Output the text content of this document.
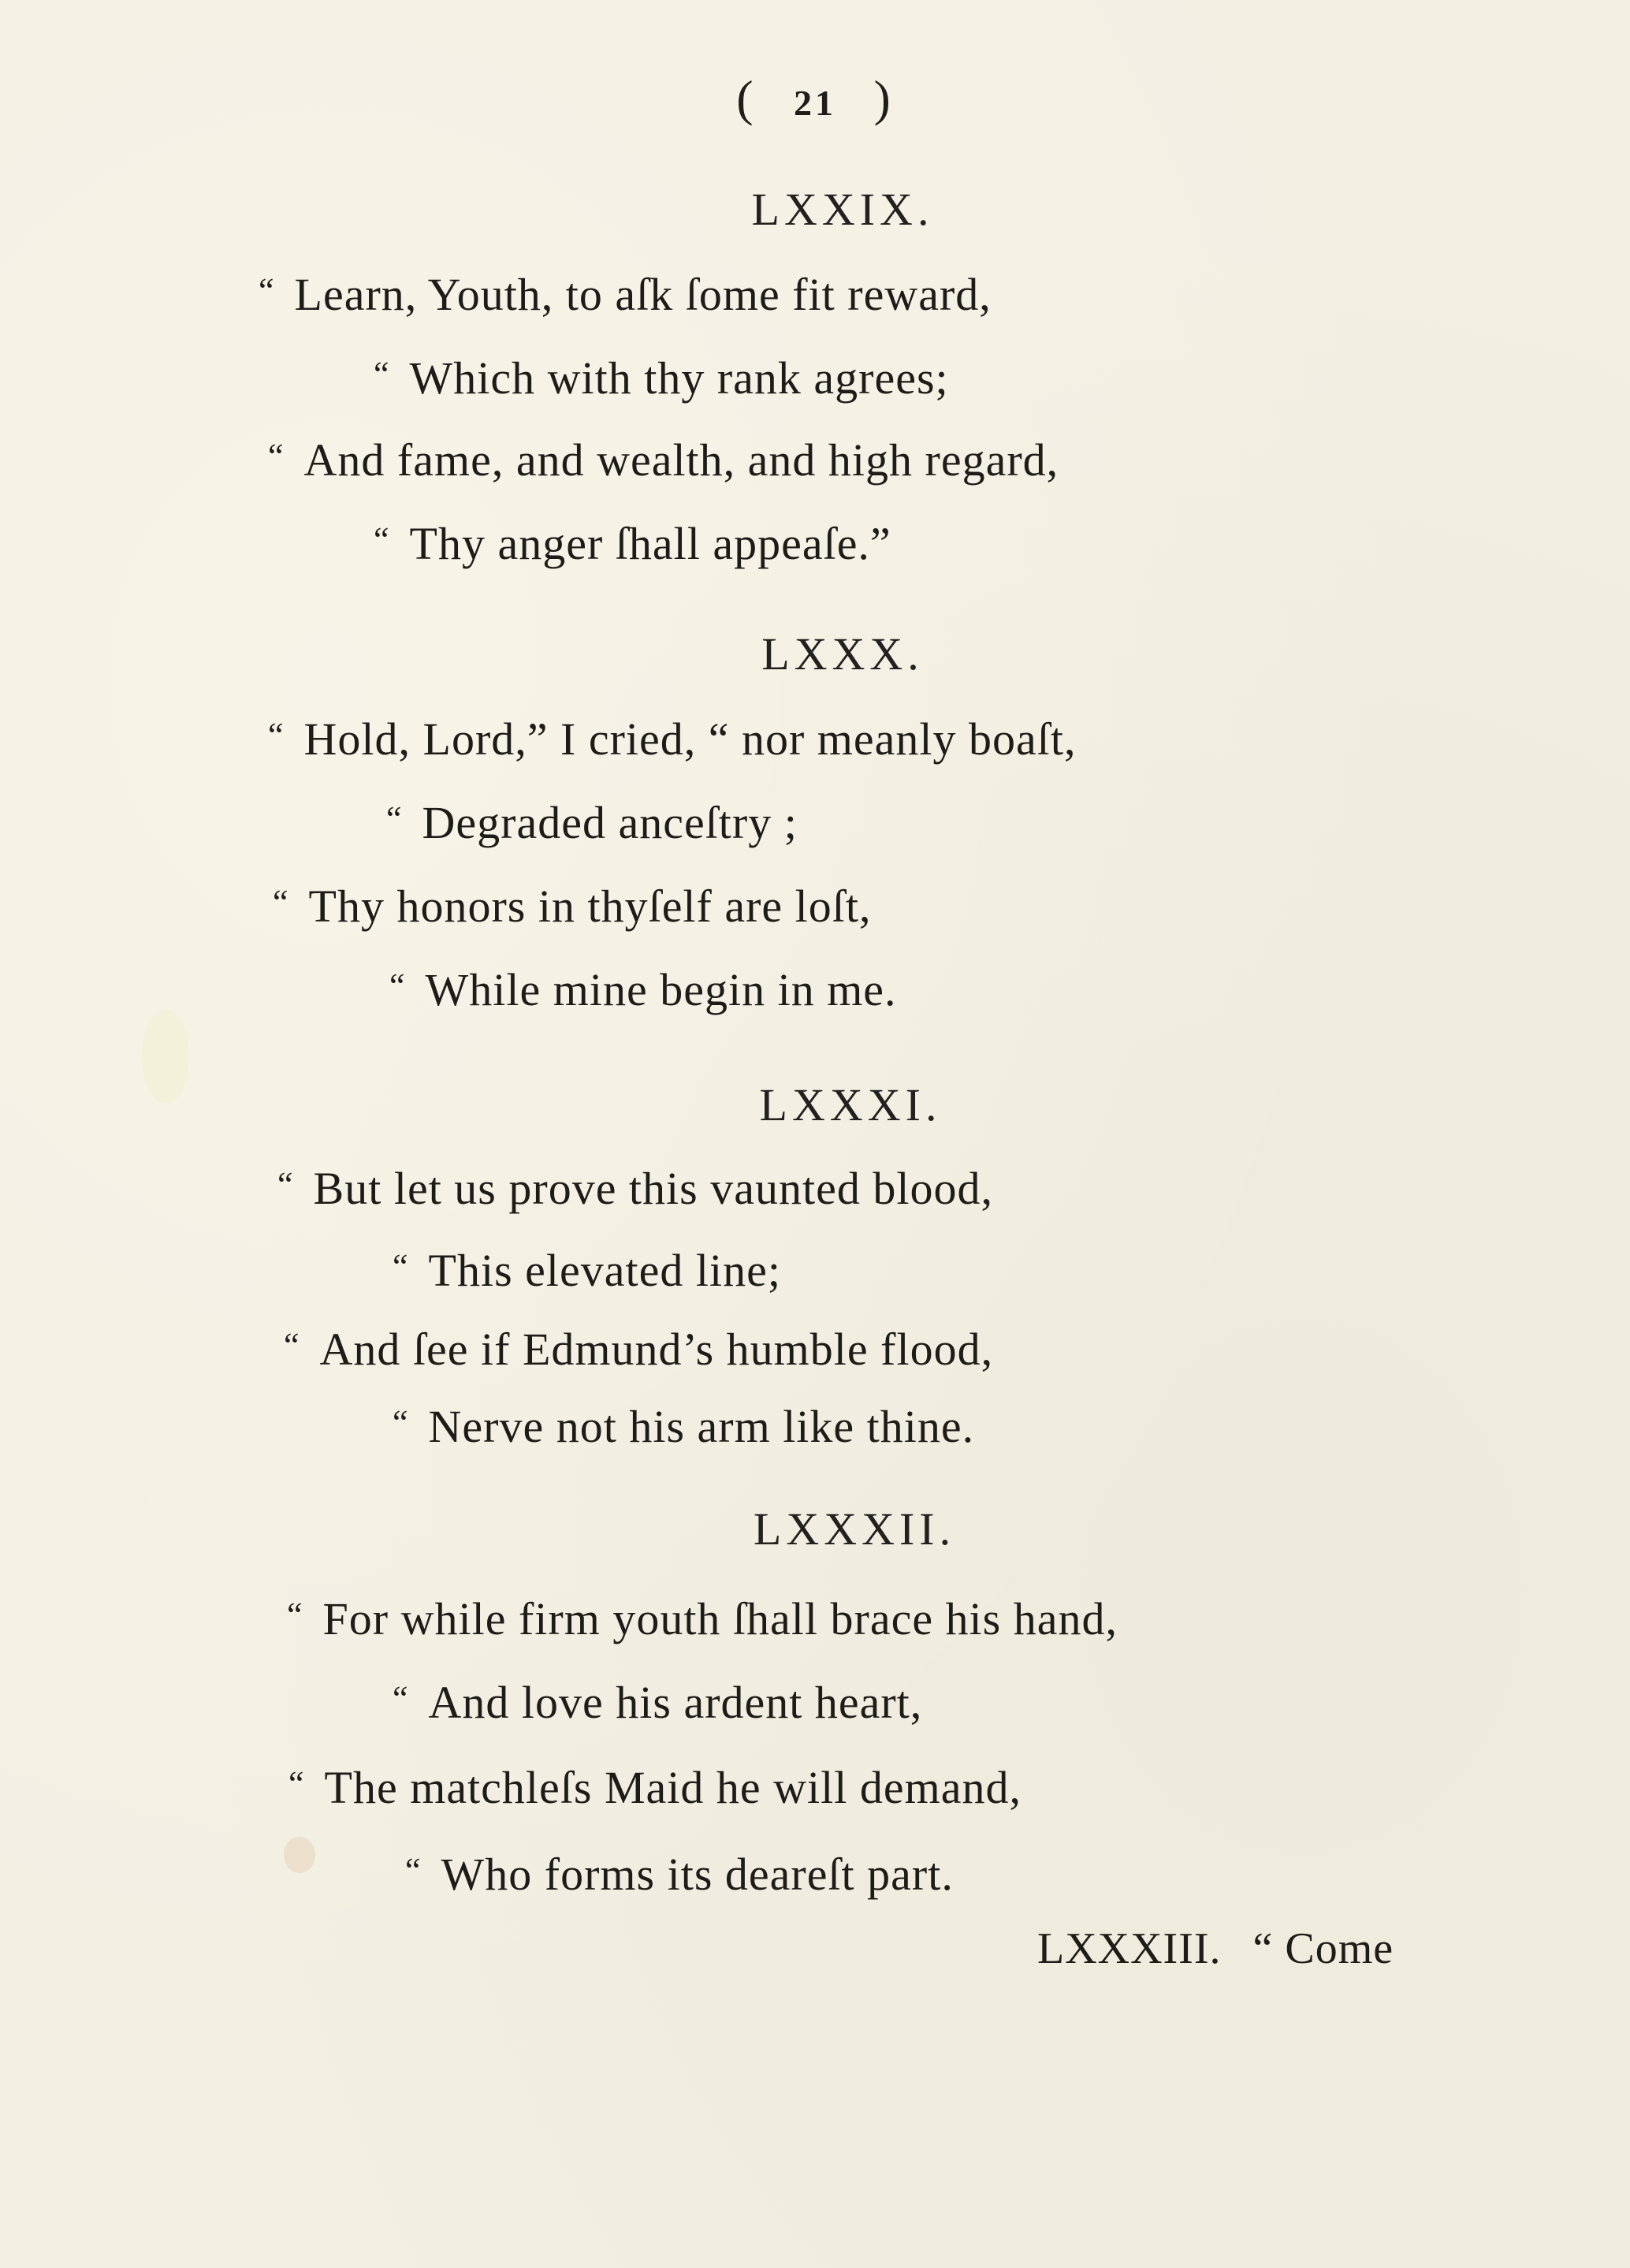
( 21 )
LXXIX.
“ Learn, Youth, to aſk ſome fit reward,
“ Which with thy rank agrees;
“ And fame, and wealth, and high regard,
“ Thy anger ſhall appeaſe.”
LXXX.
“ Hold, Lord,” I cried, “ nor meanly boaſt,
“ Degraded anceſtry ;
“ Thy honors in thyſelf are loſt,
“ While mine begin in me.
LXXXI.
“ But let us prove this vaunted blood,
“ This elevated line;
“ And ſee if Edmund’s humble flood,
“ Nerve not his arm like thine.
LXXXII.
“ For while firm youth ſhall brace his hand,
“ And love his ardent heart,
“ The matchleſs Maid he will demand,
“ Who forms its deareſt part.
LXXXIII. “ Come
